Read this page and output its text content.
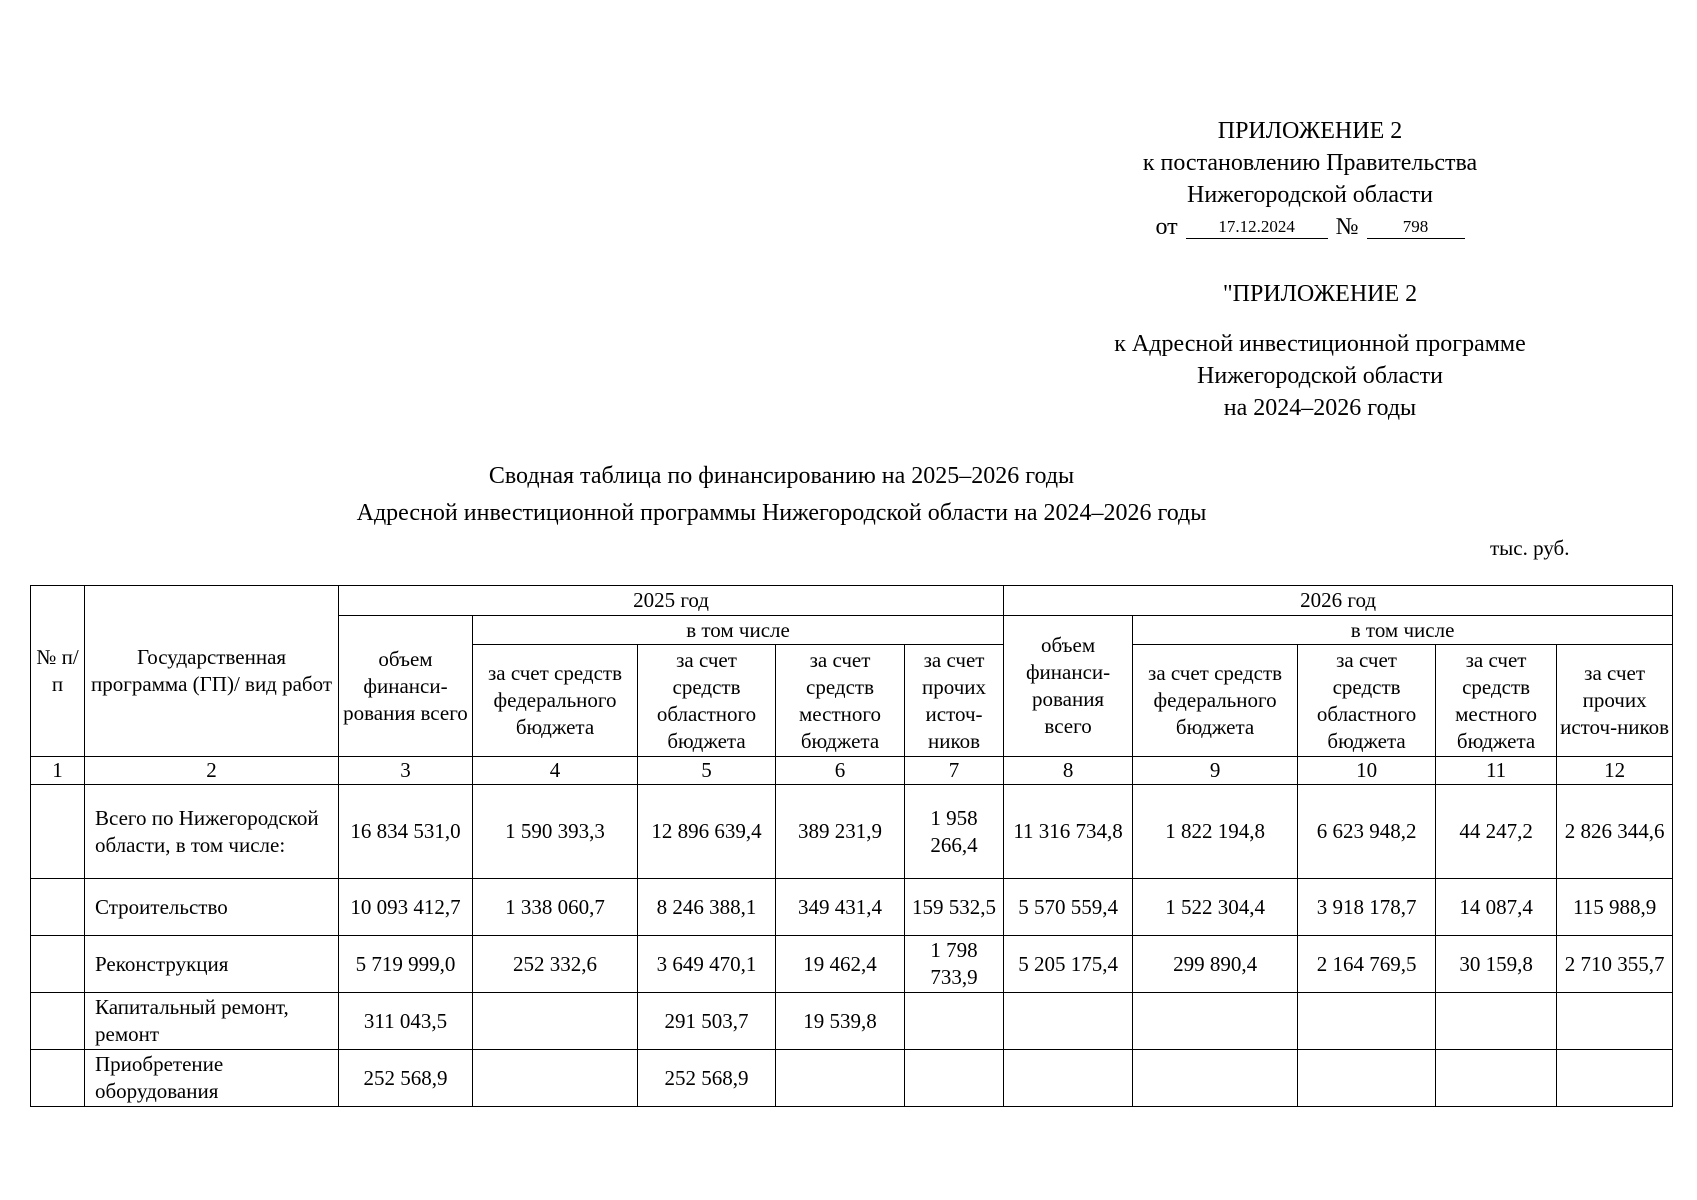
ПРИЛОЖЕНИЕ 2
к постановлению Правительства
Нижегородской области
от	17.12.2024	№	798
"ПРИЛОЖЕНИЕ 2
к Адресной инвестиционной программе
Нижегородской области
на 2024–2026 годы
Сводная таблица по финансированию на 2025–2026 годы
Адресной инвестиционной программы Нижегородской области на 2024–2026 годы
тыс. руб.
№ п/п	Государственная программа (ГП)/ вид работ	2025 год					2026 год				
		объем финанси-рования всего	в том числе				объем финанси-рования всего	в том числе			
			за счет средств федерального бюджета	за счет средств областного бюджета	за счет средств местного бюджета	за счет прочих источ-ников		за счет средств федерального бюджета	за счет средств областного бюджета	за счет средств местного бюджета	за счет прочих источ-ников
1	2	3	4	5	6	7	8	9	10	11	12
	Всего по Нижегородской области, в том числе:	16 834 531,0	1 590 393,3	12 896 639,4	389 231,9	1 958 266,4	11 316 734,8	1 822 194,8	6 623 948,2	44 247,2	2 826 344,6
	Строительство	10 093 412,7	1 338 060,7	8 246 388,1	349 431,4	159 532,5	5 570 559,4	1 522 304,4	3 918 178,7	14 087,4	115 988,9
	Реконструкция	5 719 999,0	252 332,6	3 649 470,1	19 462,4	1 798 733,9	5 205 175,4	299 890,4	2 164 769,5	30 159,8	2 710 355,7
	Капитальный ремонт, ремонт	311 043,5		291 503,7	19 539,8						
	Приобретение оборудования	252 568,9		252 568,9							
